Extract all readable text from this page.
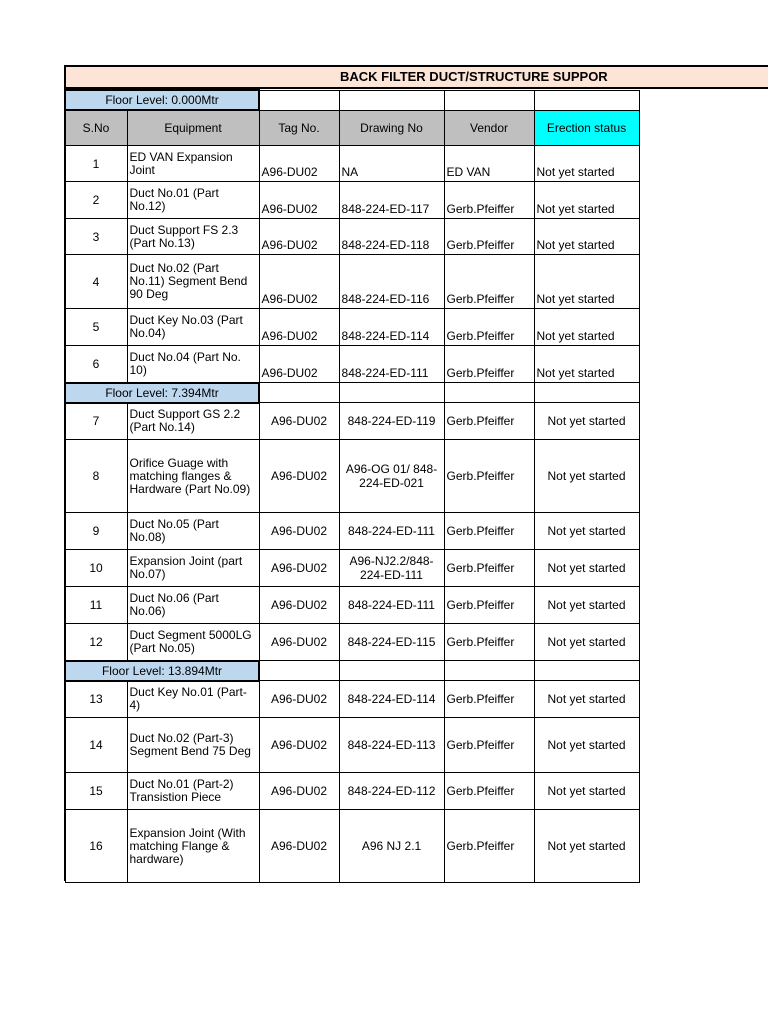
BACK FILTER DUCT/STRUCTURE SUPPOR
Floor Level: 0.000Mtr					
S.No	Equipment	Tag No.	Drawing No	Vendor	Erection status
1	ED VAN Expansion Joint	A96-DU02	NA	ED VAN	Not yet started
2	Duct No.01 (Part No.12)	A96-DU02	848-224-ED-117	Gerb.Pfeiffer	Not yet started
3	Duct Support FS 2.3 (Part No.13)	A96-DU02	848-224-ED-118	Gerb.Pfeiffer	Not yet started
4	Duct No.02 (Part No.11) Segment Bend 90 Deg	A96-DU02	848-224-ED-116	Gerb.Pfeiffer	Not yet started
5	Duct Key No.03 (Part No.04)	A96-DU02	848-224-ED-114	Gerb.Pfeiffer	Not yet started
6	Duct No.04 (Part No. 10)	A96-DU02	848-224-ED-111	Gerb.Pfeiffer	Not yet started
Floor Level: 7.394Mtr					
7	Duct Support GS 2.2 (Part No.14)	A96-DU02	848-224-ED-119	Gerb.Pfeiffer	Not yet started
8	Orifice Guage with matching flanges & Hardware (Part No.09)	A96-DU02	A96-OG 01/ 848-224-ED-021	Gerb.Pfeiffer	Not yet started
9	Duct No.05 (Part No.08)	A96-DU02	848-224-ED-111	Gerb.Pfeiffer	Not yet started
10	Expansion Joint (part No.07)	A96-DU02	A96-NJ2.2/848-224-ED-111	Gerb.Pfeiffer	Not yet started
11	Duct No.06 (Part No.06)	A96-DU02	848-224-ED-111	Gerb.Pfeiffer	Not yet started
12	Duct Segment 5000LG (Part No.05)	A96-DU02	848-224-ED-115	Gerb.Pfeiffer	Not yet started
Floor Level: 13.894Mtr					
13	Duct Key No.01 (Part-4)	A96-DU02	848-224-ED-114	Gerb.Pfeiffer	Not yet started
14	Duct No.02 (Part-3) Segment Bend 75 Deg	A96-DU02	848-224-ED-113	Gerb.Pfeiffer	Not yet started
15	Duct No.01 (Part-2) Transistion Piece	A96-DU02	848-224-ED-112	Gerb.Pfeiffer	Not yet started
16	Expansion Joint (With matching Flange & hardware)	A96-DU02	A96 NJ 2.1	Gerb.Pfeiffer	Not yet started
